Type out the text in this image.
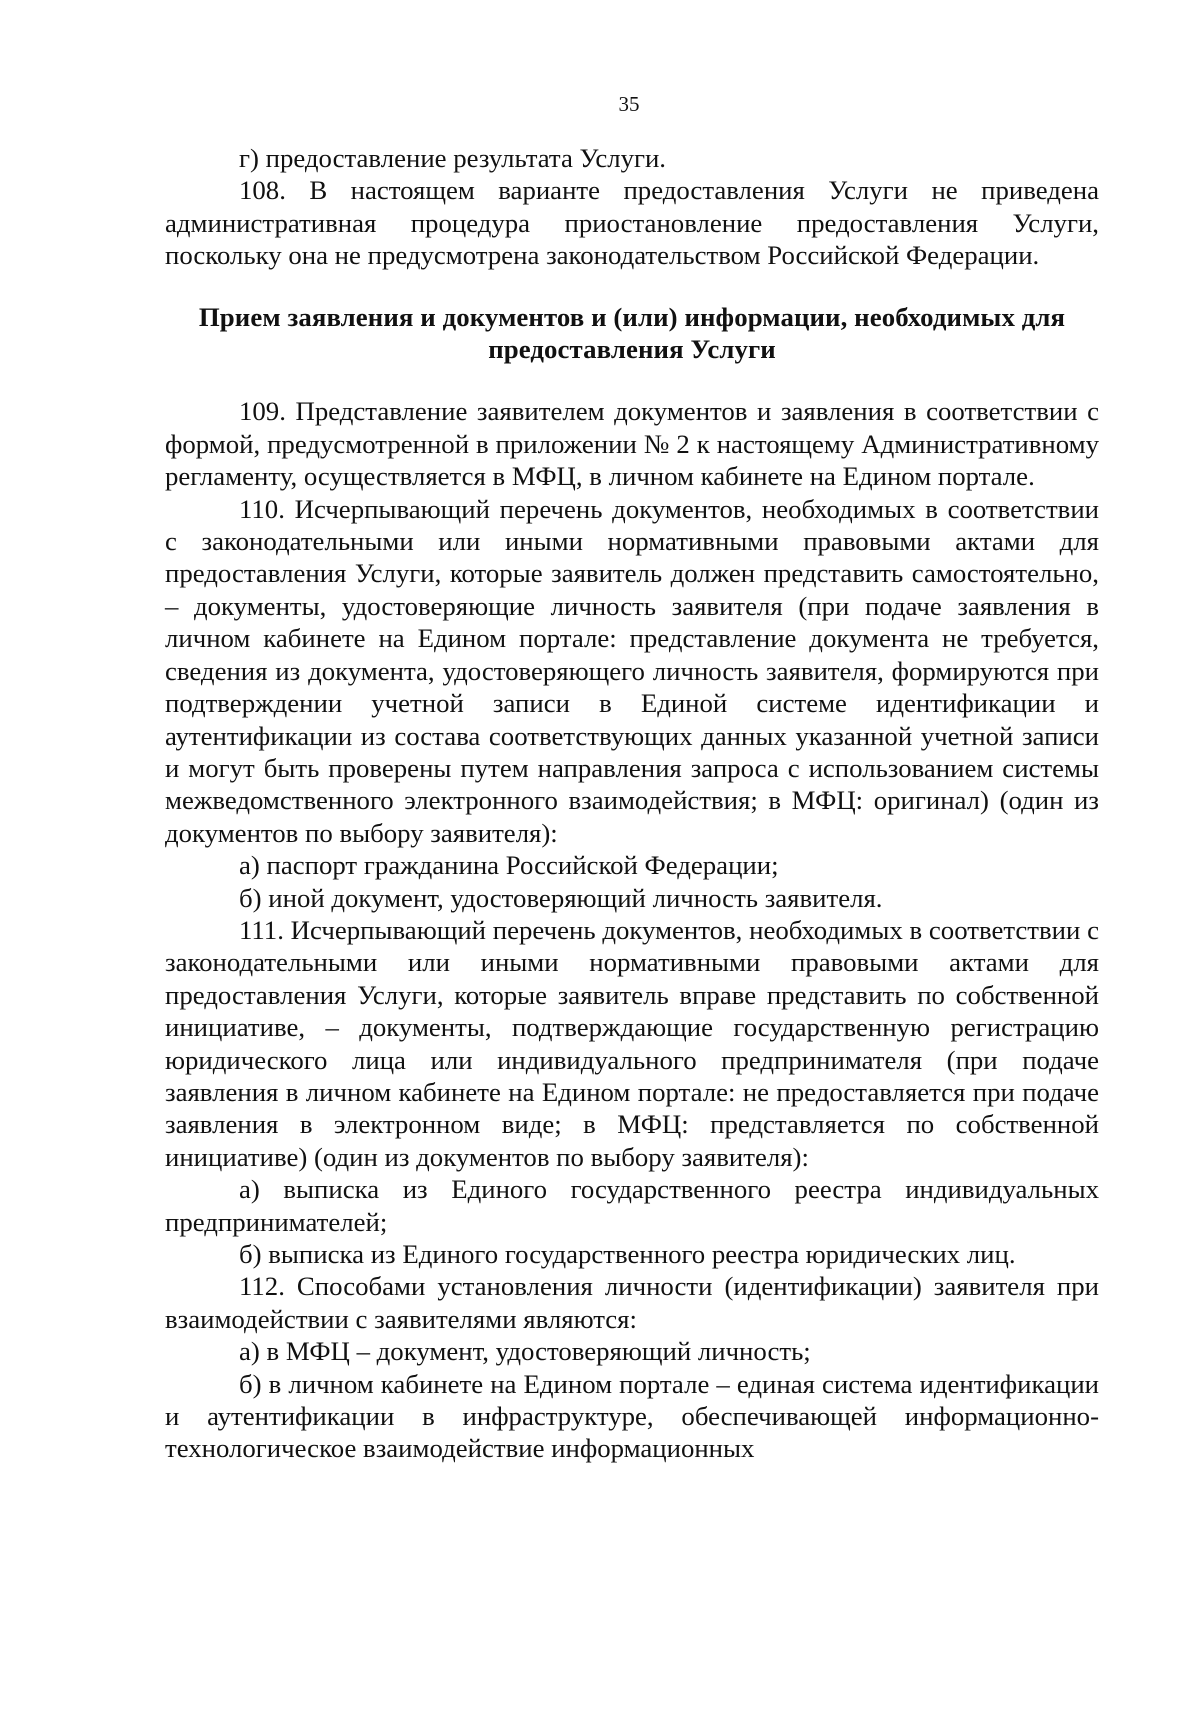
35

г) предоставление результата Услуги.

108. В настоящем варианте предоставления Услуги не приведена административная процедура приостановление предоставления Услуги, поскольку она не предусмотрена законодательством Российской Федерации.

Прием заявления и документов и (или) информации, необходимых для предоставления Услуги

109. Представление заявителем документов и заявления в соответствии с формой, предусмотренной в приложении № 2 к настоящему Административному регламенту, осуществляется в МФЦ, в личном кабинете на Едином портале.

110. Исчерпывающий перечень документов, необходимых в соответствии с законодательными или иными нормативными правовыми актами для предоставления Услуги, которые заявитель должен представить самостоятельно, – документы, удостоверяющие личность заявителя (при подаче заявления в личном кабинете на Едином портале: представление документа не требуется, сведения из документа, удостоверяющего личность заявителя, формируются при подтверждении учетной записи в Единой системе идентификации и аутентификации из состава соответствующих данных указанной учетной записи и могут быть проверены путем направления запроса с использованием системы межведомственного электронного взаимодействия; в МФЦ: оригинал) (один из документов по выбору заявителя):

а) паспорт гражданина Российской Федерации;

б) иной документ, удостоверяющий личность заявителя.

111. Исчерпывающий перечень документов, необходимых в соответствии с законодательными или иными нормативными правовыми актами для предоставления Услуги, которые заявитель вправе представить по собственной инициативе, – документы, подтверждающие государственную регистрацию юридического лица или индивидуального предпринимателя (при подаче заявления в личном кабинете на Едином портале: не предоставляется при подаче заявления в электронном виде; в МФЦ: представляется по собственной инициативе) (один из документов по выбору заявителя):

а) выписка из Единого государственного реестра индивидуальных предпринимателей;

б) выписка из Единого государственного реестра юридических лиц.

112. Способами установления личности (идентификации) заявителя при взаимодействии с заявителями являются:

а) в МФЦ – документ, удостоверяющий личность;

б) в личном кабинете на Едином портале – единая система идентификации и аутентификации в инфраструктуре, обеспечивающей информационно-технологическое взаимодействие информационных
